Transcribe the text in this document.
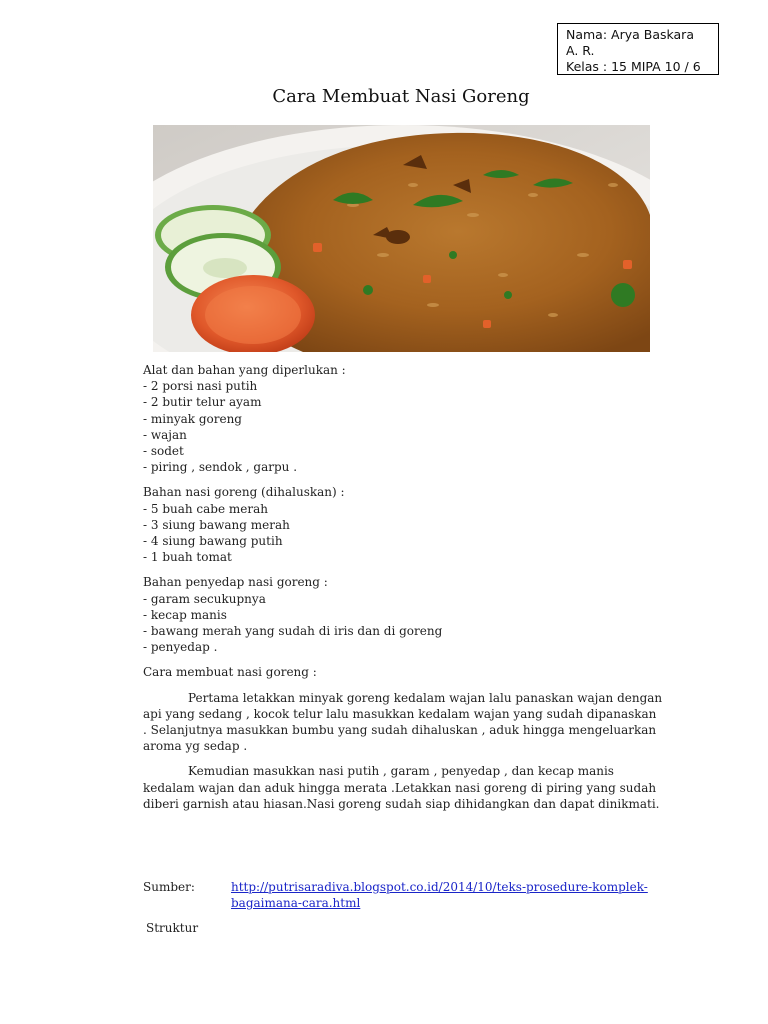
Nama: Arya Baskara
A. R.
Kelas : 15 MIPA 10 / 6
Cara Membuat Nasi Goreng
Alat dan bahan yang diperlukan :
- 2 porsi nasi putih
- 2 butir telur ayam
- minyak goreng
- wajan
- sodet
- piring , sendok , garpu .
Bahan nasi goreng (dihaluskan) :
- 5 buah cabe merah
- 3 siung bawang merah
- 4 siung bawang putih
- 1 buah tomat
Bahan penyedap nasi goreng :
- garam secukupnya
- kecap manis
- bawang merah yang sudah di iris dan di goreng
- penyedap .
Cara membuat nasi goreng :
Pertama letakkan minyak goreng kedalam wajan lalu panaskan wajan dengan api yang sedang , kocok telur lalu masukkan kedalam wajan yang sudah dipanaskan . Selanjutnya masukkan bumbu yang sudah dihaluskan , aduk hingga mengeluarkan aroma yg sedap .
Kemudian masukkan nasi putih , garam , penyedap , dan kecap manis kedalam wajan dan aduk hingga merata .Letakkan nasi goreng di piring yang sudah diberi garnish atau hiasan.Nasi goreng sudah siap dihidangkan dan dapat dinikmati.
Sumber:	http://putrisaradiva.blogspot.co.id/2014/10/teks-prosedure-komplek-bagaimana-cara.html
Struktur
